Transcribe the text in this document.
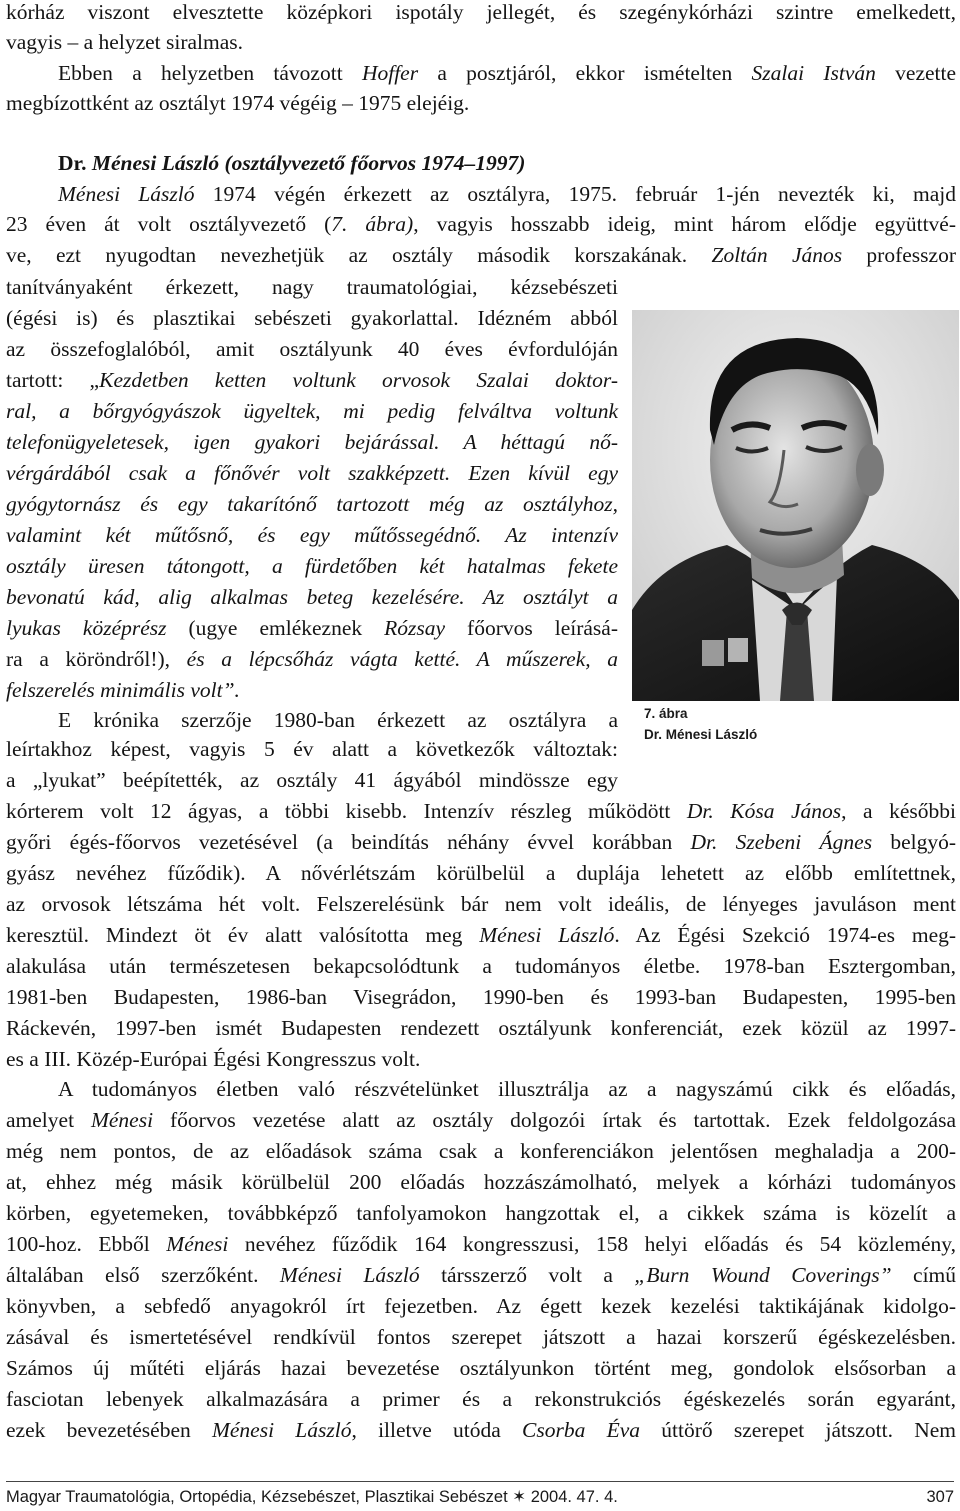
kórház viszont elvesztette középkori ispotály jellegét, és szegénykórházi szintre emelkedett,
vagyis – a helyzet siralmas.
Ebben a helyzetben távozott Hoffer a posztjáról, ekkor ismételten Szalai István vezette
megbízottként az osztályt 1974 végéig – 1975 elejéig.
Dr. Ménesi László (osztályvezető főorvos 1974–1997)
Ménesi László 1974 végén érkezett az osztályra, 1975. február 1-jén nevezték ki, majd
23 éven át volt osztályvezető (7. ábra), vagyis hosszabb ideig, mint három elődje együttvé-
ve, ezt nyugodtan nevezhetjük az osztály második korszakának. Zoltán János professzor
tanítványaként érkezett, nagy traumatológiai, kézsebészeti
(égési is) és plasztikai sebészeti gyakorlattal. Idézném abból
az összefoglalóból, amit osztályunk 40 éves évfordulóján
tartott: „Kezdetben ketten voltunk orvosok Szalai doktor-
ral, a bőrgyógyászok ügyeltek, mi pedig felváltva voltunk
telefonügyeletesek, igen gyakori bejárással. A héttagú nő-
vérgárdából csak a főnővér volt szakképzett. Ezen kívül egy
gyógytornász és egy takarítónő tartozott még az osztályhoz,
valamint két műtősnő, és egy műtőssegédnő. Az intenzív
osztály üresen tátongott, a fürdetőben két hatalmas fekete
bevonatú kád, alig alkalmas beteg kezelésére. Az osztályt a
lyukas középrész (ugye emlékeznek Rózsay főorvos leírásá-
ra a köröndről!), és a lépcsőház vágta ketté. A műszerek, a
felszerelés minimális volt”.
E krónika szerzője 1980-ban érkezett az osztályra a
leírtakhoz képest, vagyis 5 év alatt a következők változtak:
a „lyukat” beépítették, az osztály 41 ágyából mindössze egy
kórterem volt 12 ágyas, a többi kisebb. Intenzív részleg működött Dr. Kósa János, a későbbi
győri égés-főorvos vezetésével (a beindítás néhány évvel korábban Dr. Szebeni Ágnes belgyó-
gyász nevéhez fűződik). A nővérlétszám körülbelül a duplája lehetett az előbb említettnek,
az orvosok létszáma hét volt. Felszerelésünk bár nem volt ideális, de lényeges javuláson ment
keresztül. Mindezt öt év alatt valósította meg Ménesi László. Az Égési Szekció 1974-es meg-
alakulása után természetesen bekapcsolódtunk a tudományos életbe. 1978-ban Esztergomban,
1981-ben Budapesten, 1986-ban Visegrádon, 1990-ben és 1993-ban Budapesten, 1995-ben
Ráckevén, 1997-ben ismét Budapesten rendezett osztályunk konferenciát, ezek közül az 1997-
es a III. Közép-Európai Égési Kongresszus volt.
A tudományos életben való részvételünket illusztrálja az a nagyszámú cikk és előadás,
amelyet Ménesi főorvos vezetése alatt az osztály dolgozói írtak és tartottak. Ezek feldolgozása
még nem pontos, de az előadások száma csak a konferenciákon jelentősen meghaladja a 200-
at, ehhez még másik körülbelül 200 előadás hozzászámolható, melyek a kórházi tudományos
körben, egyetemeken, továbbképző tanfolyamokon hangzottak el, a cikkek száma is közelít a
100-hoz. Ebből Ménesi nevéhez fűződik 164 kongresszusi, 158 helyi előadás és 54 közlemény,
általában első szerzőként. Ménesi László társszerző volt a „Burn Wound Coverings” című
könyvben, a sebfedő anyagokról írt fejezetben. Az égett kezek kezelési taktikájának kidolgo-
zásával és ismertetésével rendkívül fontos szerepet játszott a hazai korszerű égéskezelésben.
Számos új műtéti eljárás hazai bevezetése osztályunkon történt meg, gondolok elsősorban a
fasciotan lebenyek alkalmazására a primer és a rekonstrukciós égéskezelés során egyaránt,
ezek bevezetésében Ménesi László, illetve utóda Csorba Éva úttörő szerepet játszott. Nem
7. ábra
Dr. Ménesi László
Magyar Traumatológia, Ortopédia, Kézsebészet, Plasztikai Sebészet ✶ 2004. 47. 4.	307
